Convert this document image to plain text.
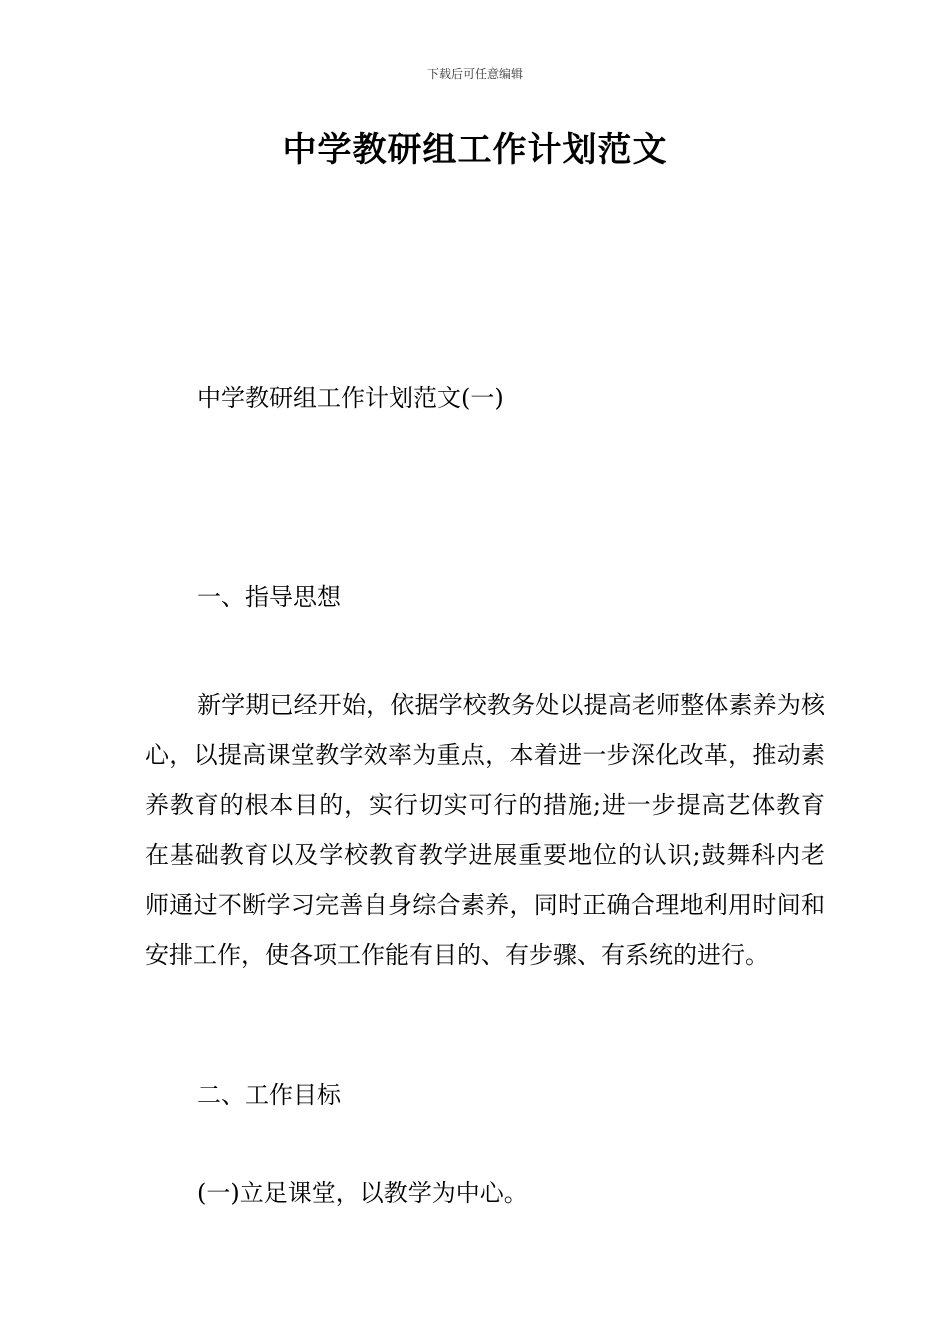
下载后可任意编辑
中学教研组工作计划范文

中学教研组工作计划范文(一)

一、指导思想

新学期已经开始，依据学校教务处以提高老师整体素养为核心，以提高课堂教学效率为重点，本着进一步深化改革，推动素养教育的根本目的，实行切实可行的措施;进一步提高艺体教育在基础教育以及学校教育教学进展重要地位的认识;鼓舞科内老师通过不断学习完善自身综合素养，同时正确合理地利用时间和安排工作，使各项工作能有目的、有步骤、有系统的进行。

二、工作目标

(一)立足课堂，以教学为中心。
